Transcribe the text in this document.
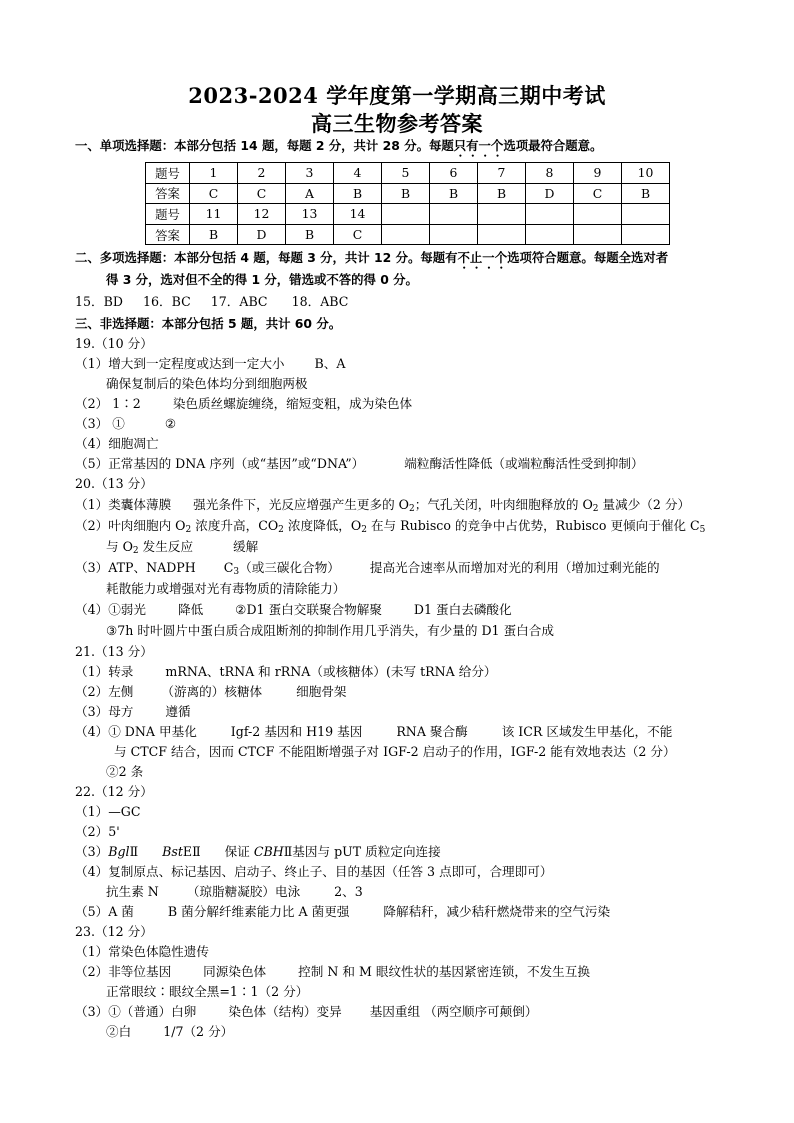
2023-2024 学年度第一学期高三期中考试
高三生物参考答案
一、单项选择题：本部分包括 14 题，每题 2 分，共计 28 分。每题只有一个选项最符合题意。
题号	1	2	3	4	5	6	7	8	9	10
答案	C	C	A	B	B	B	B	D	C	B
题号	11	12	13	14						
答案	B	D	B	C						
二、多项选择题：本部分包括 4 题，每题 3 分，共计 12 分。每题有不止一个选项符合题意。每题全选对者
得 3 分，选对但不全的得 1 分，错选或不答的得 0 分。
15．BD 16．BC 17．ABC 18．ABC
三、非选择题：本部分包括 5 题，共计 60 分。
19.（10 分）
（1）增大到一定程度或达到一定大小 B、A
确保复制后的染色体均分到细胞两极
（2） 1∶2	染色质丝螺旋缠绕，缩短变粗，成为染色体
（3） ①	②
（4）细胞凋亡
（5）正常基因的 DNA 序列（或“基因”或“DNA”）	端粒酶活性降低（或端粒酶活性受到抑制）
20.（13 分）
（1）类囊体薄膜 强光条件下，光反应增强产生更多的 $O_2$；气孔关闭，叶肉细胞释放的 $O_2$ 量减少（2 分）
（2）叶肉细胞内 $O_2$ 浓度升高，$CO_2$ 浓度降低，$O_2$ 在与 Rubisco 的竞争中占优势，Rubisco 更倾向于催化 $C_5$
与 $O_2$ 发生反应	缓解
（3）ATP、NADPH $C_3$（或三碳化合物） 提高光合速率从而增加对光的利用（增加过剩光能的
耗散能力或增强对光有毒物质的清除能力）
（4）①弱光	降低	②D1 蛋白交联聚合物解聚	D1 蛋白去磷酸化
③7h 时叶圆片中蛋白质合成阻断剂的抑制作用几乎消失，有少量的 D1 蛋白合成
21.（13 分）
（1）转录	mRNA、tRNA 和 rRNA（或核糖体）(未写 tRNA 给分）
（2）左侧 （游离的）核糖体	细胞骨架
（3）母方	遵循
（4）① DNA 甲基化	Igf-2 基因和 H19 基因	RNA 聚合酶	该 ICR 区域发生甲基化，不能
与 CTCF 结合，因而 CTCF 不能阻断增强子对 IGF-2 启动子的作用，IGF-2 能有效地表达（2 分）
②2 条
22.（12 分）
（1）—GC
（2）5'
（3）BglⅡ BstEⅡ 保证 CBHⅡ基因与 pUT 质粒定向连接
（4）复制原点、标记基因、启动子、终止子、目的基因（任答 3 点即可，合理即可）
抗生素 N （琼脂糖凝胶）电泳	2、3
（5）A 菌	B 菌分解纤维素能力比 A 菌更强	降解秸秆，减少秸秆燃烧带来的空气污染
23.（12 分）
（1）常染色体隐性遗传
（2）非等位基因	同源染色体	控制 N 和 M 眼纹性状的基因紧密连锁，不发生互换
正常眼纹∶眼纹全黑=1∶1（2 分）
（3）①（普通）白卵	染色体（结构）变异 基因重组 （两空顺序可颠倒）
②白	1/7（2 分）
